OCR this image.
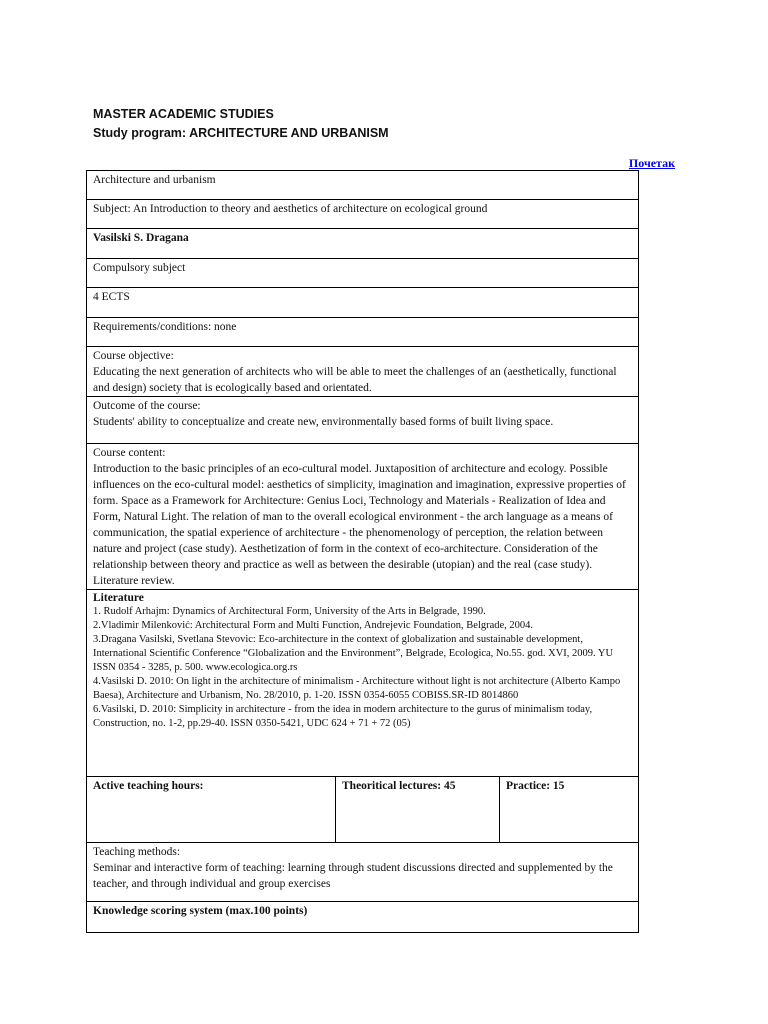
MASTER ACADEMIC STUDIES
Study program: ARCHITECTURE AND URBANISM
Почетак
Architecture and urbanism
Subject: An Introduction to theory and aesthetics of architecture on ecological ground
Vasilski S. Dragana
Compulsory subject
4 ECTS
Requirements/conditions: none

Course objective:
Educating the next generation of architects who will be able to meet the challenges of an (aesthetically, functional and design) society that is ecologically based and orientated.

Outcome of the course:
Students' ability to conceptualize and create new, environmentally based forms of built living space.

Course content:
Introduction to the basic principles of an eco-cultural model. Juxtaposition of architecture and ecology. Possible influences on the eco-cultural model: aesthetics of simplicity, imagination and imagination, expressive properties of form. Space as a Framework for Architecture: Genius Loci, Technology and Materials - Realization of Idea and Form, Natural Light. The relation of man to the overall ecological environment - the arch language as a means of communication, the spatial experience of architecture - the phenomenology of perception, the relation between nature and project (case study). Aesthetization of form in the context of eco-architecture. Consideration of the relationship between theory and practice as well as between the desirable (utopian) and the real (case study). Literature review.

Literature
1. Rudolf Arhajm: Dynamics of Architectural Form, University of the Arts in Belgrade, 1990.
2.Vladimir Milenković: Architectural Form and Multi Function, Andrejevic Foundation, Belgrade, 2004.
3.Dragana Vasilski, Svetlana Stevovic: Eco-architecture in the context of globalization and sustainable development, International Scientific Conference “Globalization and the Environment”, Belgrade, Ecologica, No.55. god. XVI, 2009. YU ISSN 0354 - 3285, p. 500. www.ecologica.org.rs
4.Vasilski D. 2010: On light in the architecture of minimalism - Architecture without light is not architecture (Alberto Kampo Baesa), Architecture and Urbanism, No. 28/2010, p. 1-20. ISSN 0354-6055 COBISS.SR-ID 8014860
6.Vasilski, D. 2010: Simplicity in architecture - from the idea in modern architecture to the gurus of minimalism today, Construction, no. 1-2, pp.29-40. ISSN 0350-5421, UDC 624 + 71 + 72 (05)

Active teaching hours:	Theoritical lectures: 45	Practice: 15

Teaching methods:
Seminar and interactive form of teaching: learning through student discussions directed and supplemented by the teacher, and through individual and group exercises

Knowledge scoring system (max.100 points)
